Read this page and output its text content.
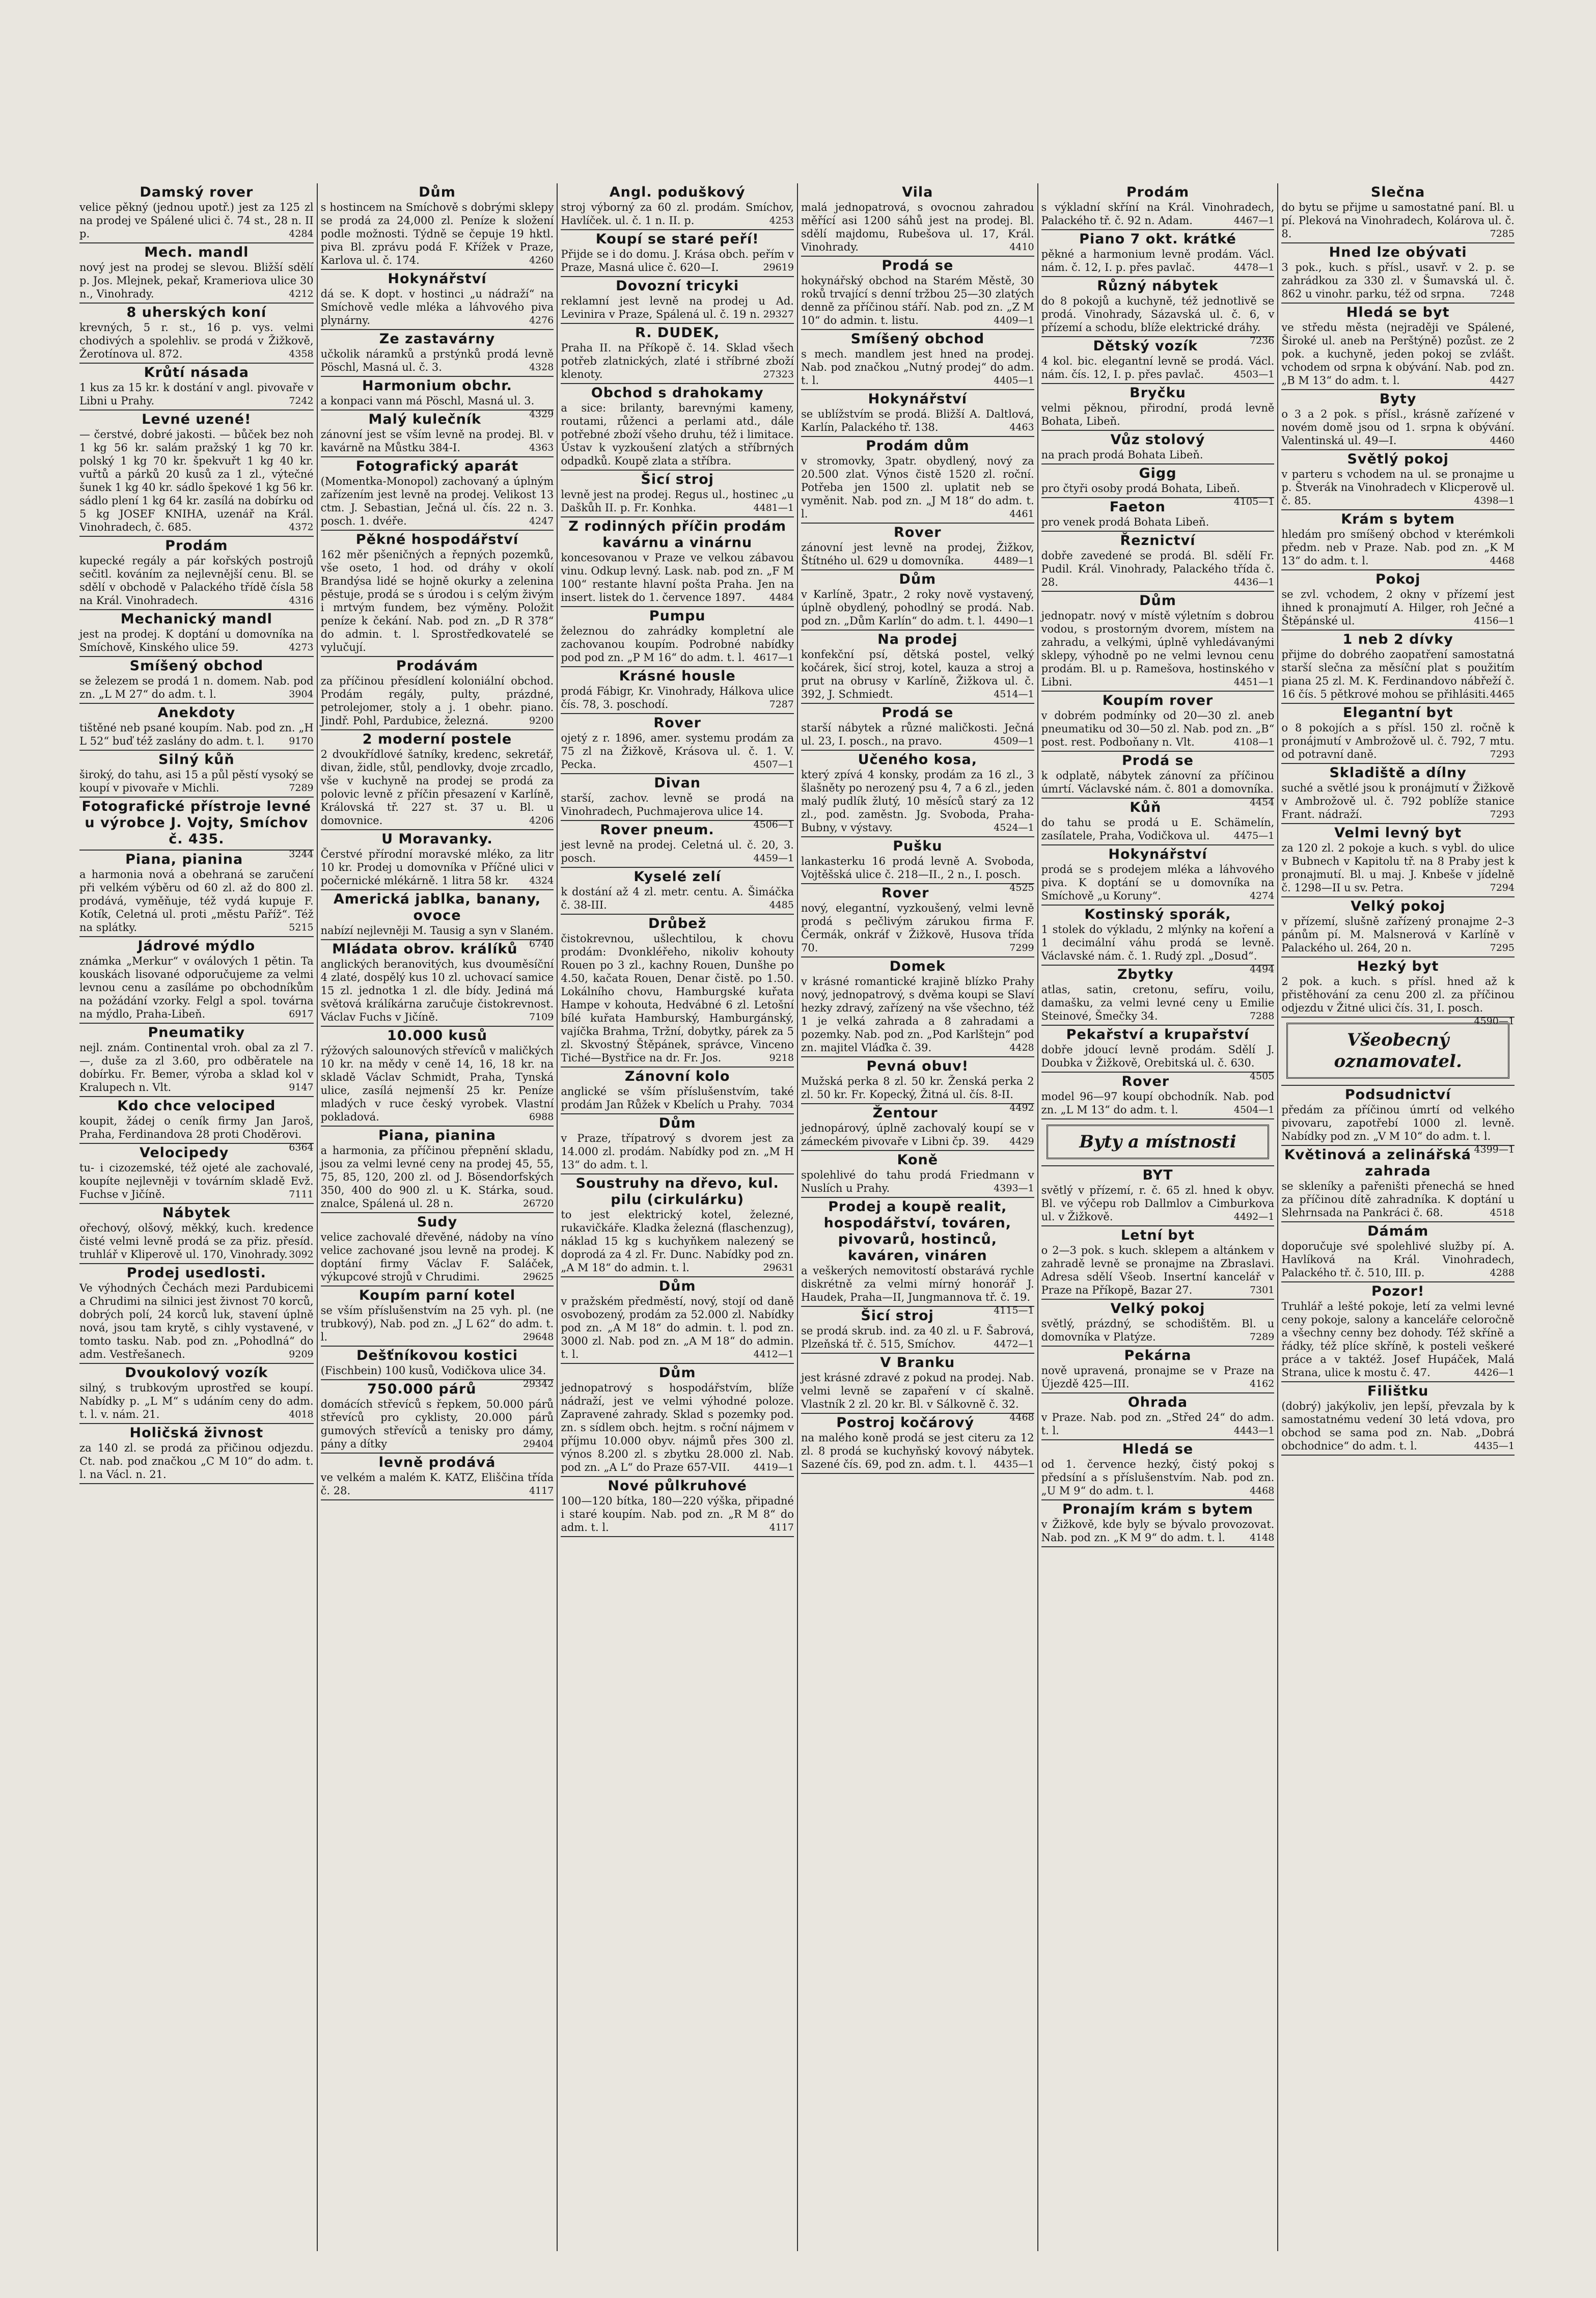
Damský rover
velice pěkný (jednou upotř.) jest za 125 zl na prodej ve Spálené ulici č. 74 st., 28 n. II p.	4284
Mech. mandl
nový jest na prodej se slevou. Bližší sdělí p. Jos. Mlejnek, pekař, Krameriova ulice 30 n., Vinohrady.	4212
8 uherských koní
krevných, 5 r. st., 16 p. vys. velmi chodivých a spolehliv. se prodá v Žižkově, Žerotínova ul. 872.	4358
Krůtí násada
1 kus za 15 kr. k dostání v angl. pivovaře v Libni u Prahy.	7242
Levné uzené!
— čerstvé, dobré jakosti. — bůček bez noh 1 kg 56 kr. salám pražský 1 kg 70 kr. polský 1 kg 70 kr. špekvuřt 1 kg 40 kr. vuřtů a párků 20 kusů za 1 zl., výtečné šunek 1 kg 40 kr. sádlo špekové 1 kg 56 kr. sádlo plení 1 kg 64 kr. zasílá na dobírku od 5 kg JOSEF KNIHA, uzenář na Král. Vinohradech, č. 685.	4372
Prodám
kupecké regály a pár kořských postrojů sečitl. kováním za nejlevnější cenu. Bl. se sdělí v obchodě v Palackého třídě čísla 58 na Král. Vinohradech.	4316
Mechanický mandl
jest na prodej. K doptání u domovníka na Smíchově, Kinského ulice 59.	4273
Smíšený obchod
se železem se prodá 1 n. domem. Nab. pod zn. „L M 27“ do adm. t. l.	3904
Anekdoty
tištěné neb psané koupím. Nab. pod zn. „H L 52“ buď též zaslány do adm. t. l.	9170
Silný kůň
široký, do tahu, asi 15 a půl pěstí vysoký se koupí v pivovaře v Michli.	7289
Fotografické přístroje levné u výrobce J. Vojty, Smíchov č. 435.
3244
Piana, pianina
a harmonia nová a obehraná se zaručení při velkém výběru od 60 zl. až do 800 zl. prodává, vyměňuje, též vydá kupuje F. Kotík, Celetná ul. proti „městu Paříž“. Též na splátky.	5215
Jádrové mýdlo
známka „Merkur“ v oválových 1 pětin. Ta kouskách lisované odporučujeme za velmi levnou cenu a zasíláme po obchodníkům na požádání vzorky. Felgl a spol. továrna na mýdlo, Praha-Libeň.	6917
Pneumatiky
nejl. znám. Continental vroh. obal za zl 7.—, duše za zl 3.60, pro odběratele na dobírku. Fr. Bemer, výroba a sklad kol v Kralupech n. Vlt.	9147
Kdo chce velociped
koupit, žádej o ceník firmy Jan Jaroš, Praha, Ferdinandova 28 proti Choděrovi.
6364
Velocipedy
tu- i cizozemské, též ojeté ale zachovalé, koupíte nejlevněji v továrním skladě Evž. Fuchse v Jičíně.	7111
Nábytek
ořechový, olšový, měkký, kuch. kredence čisté velmi levně prodá se za přiz. přesíd. truhlář v Kliperově ul. 170, Vinohrady. 3092
Prodej usedlosti.
Ve výhodných Čechách mezi Pardubicemi a Chrudimi na silnici jest živnost 70 korců, dobrých polí, 24 korců luk, stavení úplně nová, jsou tam krytě, s cihly vystavené, v tomto tasku. Nab. pod zn. „Pohodlná“ do adm. Vestřešanech.	9209
Dvoukolový vozík
silný, s trubkovým uprostřed se koupí. Nabídky p. „L M“ s udáním ceny do adm. t. l. v. nám. 21.	4018
Holičská živnost
za 140 zl. se prodá za přičinou odjezdu. Ct. nab. pod značkou „C M 10“ do adm. t. l. na Václ. n. 21.
Dům
s hostincem na Smíchově s dobrými sklepy se prodá za 24,000 zl. Peníze k složení podle možnosti. Týdně se čepuje 19 hktl. piva Bl. zprávu podá F. Křížek v Praze, Karlova ul. č. 174.	4260
Hokynářství
dá se. K dopt. v hostinci „u nádraží“ na Smíchově vedle mléka a láhvového piva plynárny.	4276
Ze zastavárny
učkolik náramků a prstýnků prodá levně Pöschl, Masná ul. č. 3.	4328
Harmonium obchr.
a konpaci vann má Pöschl, Masná ul. 3.
4329
Malý kulečník
zánovní jest se vším levně na prodej. Bl. v kavárně na Můstku 384-I.	4363
Fotografický aparát
(Momentka-Monopol) zachovaný a úplným zařízením jest levně na prodej. Velikost 13 ctm. J. Sebastian, Ječná ul. čís. 22 n. 3. posch. 1. dvéře.	4247
Pěkné hospodářství
162 měr pšeničných a řepných pozemků, vše oseto, 1 hod. od dráhy v okolí Brandýsa lidé se hojně okurky a zelenina pěstuje, prodá se s úrodou i s celým živým i mrtvým fundem, bez výměny. Položit peníze k čekání. Nab. pod zn. „D R 378“ do admin. t. l. Sprostředkovatelé se vylučují.
Prodávám
za příčinou přesídlení koloniální obchod. Prodám regály, pulty, prázdné, petrolejomer, stoly a j. 1 obehr. piano. Jindř. Pohl, Pardubice, železná.	9200
2 moderní postele
2 dvoukřídlové šatníky, kredenc, sekretář, divan, židle, stůl, pendlovky, dvoje zrcadlo, vše v kuchyně na prodej se prodá za polovic levně z příčin přesazení v Karlíně, Královská tř. 227 st. 37 u. Bl. u domovnice.	4206
U Moravanky.
Čerstvé přírodní moravské mléko, za litr 10 kr. Prodej u domovníka v Příčné ulici v počernické mlékárně. 1 litra 58 kr. 4324
Americká jablka, banany, ovoce
nabízí nejlevněji M. Tausig a syn v Slaném.
6740
Mládata obrov. králíků
anglických beranovitých, kus dvouměsíční 4 zlaté, dospělý kus 10 zl. uchovací samice 15 zl. jednotka 1 zl. dle bídy. Jediná má světová králíkárna zaručuje čistokrevnost. Václav Fuchs v Jičíně.	7109
10.000 kusů
rýžových salounových střevíců v maličkých 10 kr. na mědy v ceně 14, 16, 18 kr. na skladě Václav Schmidt, Praha, Tynská ulice, zasílá nejmenší 25 kr. Peníze mladých v ruce český vyrobek. Vlastní pokladová.	6988
Piana, pianina
a harmonia, za příčinou přepnění skladu, jsou za velmi levné ceny na prodej 45, 55, 75, 85, 120, 200 zl. od J. Bösendorfských 350, 400 do 900 zl. u K. Stárka, soud. znalce, Spálená ul. 28 n.	26720
Sudy
velice zachovalé dřevěné, nádoby na víno velice zachované jsou levně na prodej. K doptání firmy Václav F. Saláček, výkupcové strojů v Chrudimi.	29625
Koupím parní kotel
se vším příslušenstvím na 25 vyh. pl. (ne trubkový), Nab. pod zn. „J L 62“ do adm. t. l.	29648
Dešťníkovou kostici
(Fischbein) 100 kusů, Vodičkova ulice 34.
29342
750.000 párů
domácích střevíců s řepkem, 50.000 párů střevíců pro cyklisty, 20.000 párů gumových střevíců a tenisky pro dámy, pány a dítky	29404
levně prodává
ve velkém a malém K. KATZ, Eliščina třída č. 28.	4117
Angl. poduškový
stroj výborný za 60 zl. prodám. Smíchov, Havlíček. ul. č. 1 n. II. p.	4253
Koupí se staré peří!
Přijde se i do domu. J. Krása obch. peřím v Praze, Masná ulice č. 620—I.	29619
Dovozní tricyki
reklamní jest levně na prodej u Ad. Levinira v Praze, Spálená ul. č. 19 n. 29327
R. DUDEK,
Praha II. na Příkopě č. 14. Sklad všech potřeb zlatnických, zlaté i stříbrné zboží klenoty.	27323
Obchod s drahokamy
a sice: brilanty, barevnými kameny, routami, růženci a perlami atd., dále potřebné zboží všeho druhu, též i limitace. Ústav k vyzkoušení zlatých a stříbrných odpadků. Koupě zlata a stříbra.
Šicí stroj
levně jest na prodej. Regus ul., hostinec „u Daškůh II. p. Fr. Konhka.	4481—1
Z rodinných příčin prodám kavárnu a vinárnu
koncesovanou v Praze ve velkou zábavou vinu. Odkup levný. Lask. nab. pod zn. „F M 100“ restante hlavní pošta Praha. Jen na insert. listek do 1. července 1897. 4484
Pumpu
železnou do zahrádky kompletní ale zachovanou koupím. Podrobné nabídky pod pod zn. „P M 16“ do adm. t. l. 4617—1
Krásné housle
prodá Fábigr, Kr. Vinohrady, Hálkova ulice čís. 78, 3. poschodí.	7287
Rover
ojetý z r. 1896, amer. systemu prodám za 75 zl na Žižkově, Krásova ul. č. 1. V. Pecka.	4507—1
Divan
starší, zachov. levně se prodá na Vinohradech, Puchmajerova ulice 14.
4506—1
Rover pneum.
jest levně na prodej. Celetná ul. č. 20, 3. posch.	4459—1
Kyselé zelí
k dostání až 4 zl. metr. centu. A. Šimáčka č. 38-III.	4485
Drůbež
čistokrevnou, ušlechtilou, k chovu prodám: Dvonkléřeho, nikoliv kohouty Rouen po 3 zl., kachny Rouen, Dunšhe po 4.50, kačata Rouen, Denar čistě. po 1.50. Lokálního chovu, Hamburgské kuřata Hampe v kohouta, Hedvábné 6 zl. Letošní bílé kuřata Hamburský, Hamburgánský, vajíčka Brahma, Tržní, dobytky, párek za 5 zl. Skvostný Štěpánek, správce, Vinceno Tiché—Bystřice na dr. Fr. Jos.	9218
Zánovní kolo
anglické se vším příslušenstvím, také prodám Jan Růžek v Kbelích u Prahy. 7034
Dům
v Praze, třípatrový s dvorem jest za 14.000 zl. prodám. Nabídky pod zn. „M H 13“ do adm. t. l.
Soustruhy na dřevo, kul. pilu (cirkulárku)
to jest elektrický kotel, železné, rukavičkáře. Kladka železná (flaschenzug), náklad 15 kg s kuchyňkem nalezený se doprodá za 4 zl. Fr. Dunc. Nabídky pod zn. „A M 18“ do admin. t. l.	29631
Dům
v pražském předměstí, nový, stojí od daně osvobozený, prodám za 52.000 zl. Nabídky pod zn. „A M 18“ do admin. t. l. pod zn. 3000 zl. Nab. pod zn. „A M 18“ do admin. t. l.	4412—1
Dům
jednopatrový s hospodářstvím, blíže nádraží, jest ve velmi výhodné poloze. Zapravené zahrady. Sklad s pozemky pod. zn. s sídlem obch. hejtm. s roční nájmem v příjmu 10.000 obyv. nájmů přes 300 zl. výnos 8.200 zl. s zbytku 28.000 zl. Nab. pod zn. „A L“ do Praze 657-VII. 4419—1
Nové půlkruhové
100—120 bítka, 180—220 výška, připadné i staré koupím. Nab. pod zn. „R M 8“ do adm. t. l.	4117
Vila
malá jednopatrová, s ovocnou zahradou měřící asi 1200 sáhů jest na prodej. Bl. sdělí majdomu, Rubešova ul. 17, Král. Vinohrady.	4410
Prodá se
hokynářský obchod na Starém Městě, 30 roků trvající s denní tržbou 25—30 zlatých denně za příčinou stáří. Nab. pod zn. „Z M 10“ do admin. t. listu.	4409—1
Smíšený obchod
s mech. mandlem jest hned na prodej. Nab. pod značkou „Nutný prodej“ do adm. t. l.	4405—1
Hokynářství
se ublížstvím se prodá. Bližší A. Daltlová, Karlín, Palackého tř. 138.	4463
Prodám dům
v stromovky, 3patr. obydlený, nový za 20.500 zlat. Výnos čistě 1520 zl. roční. Potřeba jen 1500 zl. uplatit neb se vyměnit. Nab. pod zn. „J M 18“ do adm. t. l.	4461
Rover
zánovní jest levně na prodej, Žižkov, Štítného ul. 629 u domovníka.	4489—1
Dům
v Karlíně, 3patr., 2 roky nově vystavený, úplně obydlený, pohodlný se prodá. Nab. pod zn. „Dům Karlín“ do adm. t. l. 4490—1
Na prodej
konfekční psí, dětská postel, velký kočárek, šicí stroj, kotel, kauza a stroj a prut na obrusy v Karlíně, Žižkova ul. č. 392, J. Schmiedt.	4514—1
Prodá se
starší nábytek a různé maličkosti. Ječná ul. 23, I. posch., na pravo.	4509—1
Učeného kosa,
který zpívá 4 konsky, prodám za 16 zl., 3 šlašněty po nerozený psu 4, 7 a 6 zl., jeden malý pudlík žlutý, 10 měsíců starý za 12 zl., pod. zaměstn. Jg. Svoboda, Praha-Bubny, v výstavy.	4524—1
Pušku
lankasterku 16 prodá levně A. Svoboda, Vojtěšská ulice č. 218—II., 2 n., I. posch.
4525
Rover
nový, elegantní, vyzkoušený, velmi levně prodá s pečlivým zárukou firma F. Čermák, onkráf v Žižkově, Husova třída 70.	7299
Domek
v krásné romantické krajině blízko Prahy nový, jednopatrový, s dvěma koupi se Slaví hezky zdravý, zařízený na vše všechno, též 1 je velká zahrada a 8 zahradami a pozemky. Nab. pod zn. „Pod Karlštejn“ pod zn. majitel Vláďka č. 39.	4428
Pevná obuv!
Mužská perka 8 zl. 50 kr. Ženská perka 2 zl. 50 kr. Fr. Kopecký, Žitná ul. čís. 8-II.
4492
Žentour
jednopárový, úplně zachovalý koupí se v zámeckém pivovaře v Libni čp. 39. 4429
Koně
spolehlivé do tahu prodá Friedmann v Nuslích u Prahy.	4393—1
Prodej a koupě realit, hospodářství, továren, pivovarů, hostinců, kaváren, vináren
a veškerých nemovitostí obstarává rychle diskrétně za velmi mírný honorář J. Haudek, Praha—II, Jungmannova tř. č. 19.
4115—1
Šicí stroj
se prodá skrub. ind. za 40 zl. u F. Šabrová, Plzeňská tř. č. 515, Smíchov.	4472—1
V Branku
jest krásné zdravé z pokud na prodej. Nab. velmi levně se zapaření v cí skalně. Vlastník 2 zl. 20 kr. Bl. v Sálkovně č. 32.
4468
Postroj kočárový
na malého koně prodá se jest citeru za 12 zl. 8 prodá se kuchyňský kovový nábytek. Sazené čís. 69, pod zn. adm. t. l. 4435—1
Prodám
s výkladní skříní na Král. Vinohradech, Palackého tř. č. 92 n. Adam.	4467—1
Piano 7 okt. krátké
pěkné a harmonium levně prodám. Václ. nám. č. 12, I. p. přes pavlač.	4478—1
Různý nábytek
do 8 pokojů a kuchyně, též jednotlivě se prodá. Vinohrady, Sázavská ul. č. 6, v přízemí a schodu, blíže elektrické dráhy.
7236
Dětský vozík
4 kol. bic. elegantní levně se prodá. Václ. nám. čís. 12, I. p. přes pavlač.	4503—1
Bryčku
velmi pěknou, přirodní, prodá levně Bohata, Libeň.
Vůz stolový
na prach prodá Bohata Libeň.
Gigg
pro čtyři osoby prodá Bohata, Libeň.
4105—1
Faeton
pro venek prodá Bohata Libeň.
Řeznictví
dobře zavedené se prodá. Bl. sdělí Fr. Pudil. Král. Vinohrady, Palackého třída č. 28.	4436—1
Dům
jednopatr. nový v místě výletním s dobrou vodou, s prostorným dvorem, místem na zahradu, a velkými, úplně vyhledávanými sklepy, výhodně po ne velmi levnou cenu prodám. Bl. u p. Ramešova, hostinského v Libni.	4451—1
Koupím rover
v dobrém podmínky od 20—30 zl. aneb pneumatiku od 30—50 zl. Nab. pod zn. „B“ post. rest. Podboňany n. Vlt.	4108—1
Prodá se
k odplatě, nábytek zánovní za příčinou úmrtí. Václavské nám. č. 801 a domovníka.
4454
Kůň
do tahu se prodá u E. Schämelín, zasílatele, Praha, Vodičkova ul. 4475—1
Hokynářství
prodá se s prodejem mléka a láhvového piva. K doptání se u domovníka na Smíchově „u Koruny“.	4274
Kostinský sporák,
1 stolek do výkladu, 2 mlýnky na koření a 1 decimální váhu prodá se levně. Václavské nám. č. 1. Rudý zpl. „Dosud“.
4494
Zbytky
atlas, satin, cretonu, sefíru, voilu, damašku, za velmi levné ceny u Emilie Steinové, Šmečky 34.	7288
Pekařství a krupařství
dobře jdoucí levně prodám. Sdělí J. Doubka v Žižkově, Orebitská ul. č. 630.
4505
Rover
model 96—97 koupí obchodník. Nab. pod zn. „L M 13“ do adm. t. l.	4504—1
Byty a místnosti
BYT
světlý v přízemí, r. č. 65 zl. hned k obyv. Bl. ve výčepu rob Dallmlov a Cimburkova ul. v Žižkově.	4492—1
Letní byt
o 2—3 pok. s kuch. sklepem a altánkem v zahradě levně se pronajme na Zbraslavi. Adresa sdělí Všeob. Insertní kancelář v Praze na Příkopě, Bazar 27.	7301
Velký pokoj
světlý, prázdný, se schodištěm. Bl. u domovníka v Platýze.	7289
Pekárna
nově upravená, pronajme se v Praze na Újezdě 425—III.	4162
Ohrada
v Praze. Nab. pod zn. „Střed 24“ do adm. t. l.	4443—1
Hledá se
od 1. července hezký, čistý pokoj s předsíní a s příslušenstvím. Nab. pod zn. „U M 9“ do adm. t. l.	4468
Pronajím krám s bytem
v Žižkově, kde byly se bývalo provozovat. Nab. pod zn. „K M 9“ do adm. t. l.	4148
Slečna
do bytu se přijme u samostatné paní. Bl. u pí. Pleková na Vinohradech, Kolárova ul. č. 8.	7285
Hned lze obývati
3 pok., kuch. s přísl., usavř. v 2. p. se zahrádkou za 330 zl. v Šumavská ul. č. 862 u vinohr. parku, též od srpna.	7248
Hledá se byt
ve středu města (nejraději ve Spálené, Široké ul. aneb na Perštýně) pozůst. ze 2 pok. a kuchyně, jeden pokoj se zvlášt. vchodem od srpna k obývání. Nab. pod zn. „B M 13“ do adm. t. l.	4427
Byty
o 3 a 2 pok. s přísl., krásně zařízené v novém domě jsou od 1. srpna k obývání. Valentinská ul. 49—I.	4460
Světlý pokoj
v parteru s vchodem na ul. se pronajme u p. Štverák na Vinohradech v Klicperově ul. č. 85.	4398—1
Krám s bytem
hledám pro smíšený obchod v kterémkoli předm. neb v Praze. Nab. pod zn. „K M 13“ do adm. t. l.	4468
Pokoj
se zvl. vchodem, 2 okny v přízemí jest ihned k pronajmutí A. Hilger, roh Ječné a Štěpánské ul.	4156—1
1 neb 2 dívky
přijme do dobrého zaopatření samostatná starší slečna za měsíční plat s použitím piana 25 zl. M. K. Ferdinandovo nábřeží č. 16 čís. 5 pětkrové mohou se přihlásiti. 4465
Elegantní byt
o 8 pokojích a s přísl. 150 zl. ročně k pronájmutí v Ambrožově ul. č. 792, 7 mtu. od potravní daně.	7293
Skladiště a dílny
suché a světlé jsou k pronájmutí v Žižkově v Ambrožově ul. č. 792 poblíže stanice Frant. nádraží.	7293
Velmi levný byt
za 120 zl. 2 pokoje a kuch. s vybl. do ulice v Bubnech v Kapitolu tř. na 8 Praby jest k pronajmutí. Bl. u maj. J. Knbeše v jídelně č. 1298—II u sv. Petra.	7294
Velký pokoj
v přízemí, slušně zařízený pronajme 2–3 pánům pí. M. Malsnerová v Karlíně v Palackého ul. 264, 20 n.	7295
Hezký byt
2 pok. a kuch. s přísl. hned až k přistěhování za cenu 200 zl. za příčinou odjezdu v Žitné ulici čís. 31, I. posch.
4590—1
Všeobecný oznamovatel.
Podsudnictví
předám za příčinou úmrtí od velkého pivovaru, zapotřebí 1000 zl. levně. Nabídky pod zn. „V M 10“ do adm. t. l.
4399—1
Květinová a zelinářská zahrada
se skleníky a pařeništi přenechá se hned za příčinou dítě zahradníka. K doptání u Slehrnsada na Pankráci č. 68.	4518
Dámám
doporučuje své spolehlivé služby pí. A. Havlíková na Král. Vinohradech, Palackého tř. č. 510, III. p.	4288
Pozor!
Truhlář a lešté pokoje, letí za velmi levné ceny pokoje, salony a kanceláře celoročně a všechny cenny bez dohody. Též skříně a řádky, též plíce skříně, k posteli veškeré práce a v taktéž. Josef Hupáček, Malá Strana, ulice k mostu č. 47.	4426—1
Filištku
(dobrý) jakýkoliv, jen lepší, převzala by k samostatnému vedení 30 letá vdova, pro obchod se sama pod zn. Nab. „Dobrá obchodnice“ do adm. t. l.	4435—1
